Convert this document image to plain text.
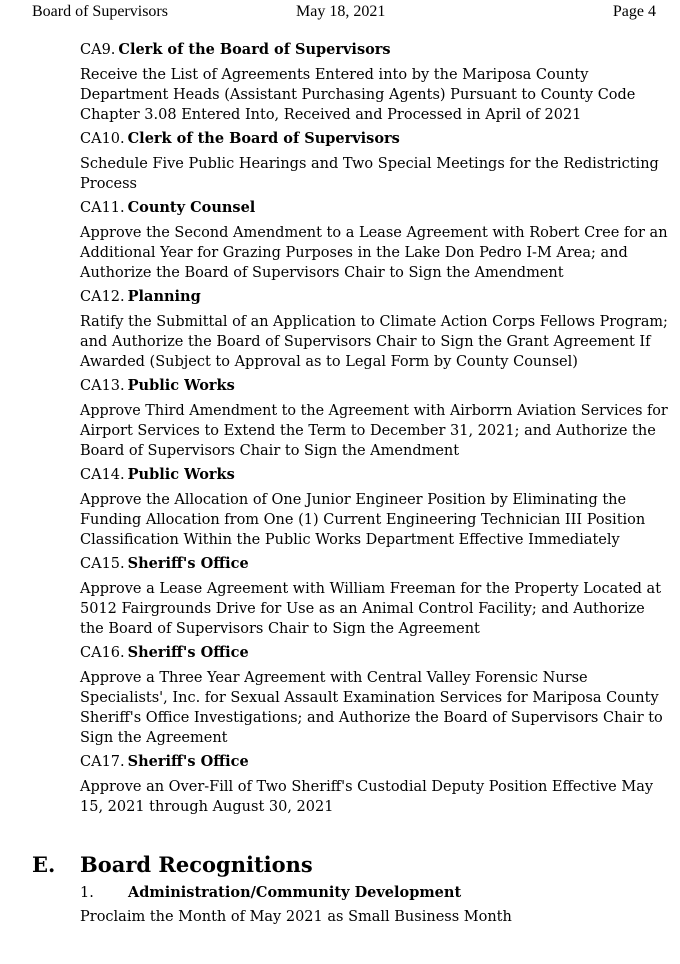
Board of Supervisors	May 18, 2021	Page 4
CA9. Clerk of the Board of Supervisors
Receive the List of Agreements Entered into by the Mariposa County
Department Heads (Assistant Purchasing Agents) Pursuant to County Code
Chapter 3.08 Entered Into, Received and Processed in April of 2021
CA10. Clerk of the Board of Supervisors
Schedule Five Public Hearings and Two Special Meetings for the Redistricting
Process
CA11. County Counsel
Approve the Second Amendment to a Lease Agreement with Robert Cree for an
Additional Year for Grazing Purposes in the Lake Don Pedro I-M Area; and
Authorize the Board of Supervisors Chair to Sign the Amendment
CA12. Planning
Ratify the Submittal of an Application to Climate Action Corps Fellows Program;
and Authorize the Board of Supervisors Chair to Sign the Grant Agreement If
Awarded (Subject to Approval as to Legal Form by County Counsel)
CA13. Public Works
Approve Third Amendment to the Agreement with Airborrn Aviation Services for
Airport Services to Extend the Term to December 31, 2021; and Authorize the
Board of Supervisors Chair to Sign the Amendment
CA14. Public Works
Approve the Allocation of One Junior Engineer Position by Eliminating the
Funding Allocation from One (1) Current Engineering Technician III Position
Classification Within the Public Works Department Effective Immediately
CA15. Sheriff's Office
Approve a Lease Agreement with William Freeman for the Property Located at
5012 Fairgrounds Drive for Use as an Animal Control Facility; and Authorize
the Board of Supervisors Chair to Sign the Agreement
CA16. Sheriff's Office
Approve a Three Year Agreement with Central Valley Forensic Nurse
Specialists', Inc. for Sexual Assault Examination Services for Mariposa County
Sheriff's Office Investigations; and Authorize the Board of Supervisors Chair to
Sign the Agreement
CA17. Sheriff's Office
Approve an Over-Fill of Two Sheriff's Custodial Deputy Position Effective May
15, 2021 through August 30, 2021
E. Board Recognitions
1. Administration/Community Development
Proclaim the Month of May 2021 as Small Business Month
